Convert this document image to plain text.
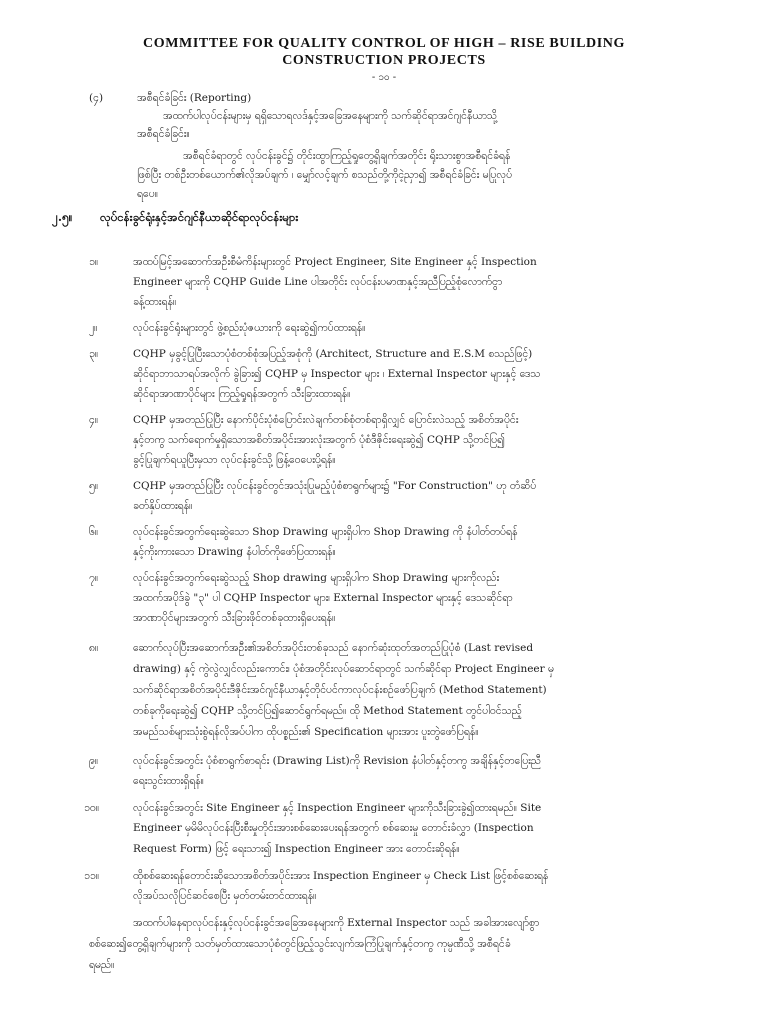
COMMITTEE FOR QUALITY CONTROL OF HIGH – RISE BUILDING
CONSTRUCTION PROJECTS
- ၁၀ -
(၄)	အစီရင်ခံခြင်း (Reporting)
အထက်ပါလုပ်ငန်းများမှ ရရှိသောရလဒ်နှင့်အခြေအနေများကို သက်ဆိုင်ရာအင်ဂျင်နီယာသို့
အစီရင်ခံခြင်း။
အစီရင်ခံရာတွင် လုပ်ငန်းခွင်၌ တိုင်းထွာကြည့်ရှုတွေ့ရှိချက်အတိုင်း ရိုးသားစွာအစီရင်ခံရန်
ဖြစ်ပြီး တစ်ဦးတစ်ယောက်၏လိုအပ်ချက် ၊ မျှော်လင့်ချက် စသည်တို့ကိုငဲ့ညှာ၍ အစီရင်ခံခြင်း မပြုလုပ်
ရပေ။
၂.၅။ လုပ်ငန်းခွင်ရုံးနှင့်အင်ဂျင်နီယာဆိုင်ရာလုပ်ငန်းများ
၁။	အထပ်မြင့်အဆောက်အဦးစီမံကိန်းများတွင် Project Engineer, Site Engineer နှင့် Inspection
Engineer များကို CQHP Guide Line ပါအတိုင်း လုပ်ငန်းပမာဏနှင့်အညီပြည့်စုံလောက်ငွာ
ခန့်ထားရန်။
၂။	လုပ်ငန်းခွင်ရုံးများတွင် ဖွဲ့စည်းပုံဇယားကို ရေးဆွဲ၍ကပ်ထားရန်။
၃။	CQHP မှခွင့်ပြုပြီးသောပုံစံတစ်စုံအပြည့်အစုံကို (Architect, Structure and E.S.M စသည်ဖြင့်)
ဆိုင်ရာဘာသာရပ်အလိုက် ခွဲခြား၍ CQHP မှ Inspector များ ၊ External Inspector များနှင့် ဒေသ
ဆိုင်ရာအာဏာပိုင်များ ကြည့်ရှုရန်အတွက် သီးခြားထားရန်။
၄။	CQHP မှအတည်ပြုပြီး နောက်ပိုင်းပုံစံပြောင်းလဲချက်တစ်စုံတစ်ရာရှိလျှင် ပြောင်းလဲသည့် အစိတ်အပိုင်း
နှင့်တကွ သက်ရောက်မှုရှိသောအစိတ်အပိုင်းအားလုံးအတွက် ပုံစံဒီဇိုင်းရေးဆွဲ၍ CQHP သို့တင်ပြ၍
ခွင့်ပြုချက်ရယူပြီးမှသာ လုပ်ငန်းခွင်သို့ ဖြန့်ဝေပေးပို့ရန်။
၅။	CQHP မှအတည်ပြုပြီး လုပ်ငန်းခွင်တွင်အသုံးပြုမည့်ပုံစံစာရွက်များ၌ "For Construction" ဟု တံဆိပ်
ခတ်နှိပ်ထားရန်။
၆။	လုပ်ငန်းခွင်အတွက်ရေးဆွဲသော Shop Drawing များရှိပါက Shop Drawing ကို နံပါတ်တပ်ရန်
နှင့်ကိုးကားသော Drawing နံပါတ်ကိုဖော်ပြထားရန်။
၇။	လုပ်ငန်းခွင်အတွက်ရေးဆွဲသည့် Shop drawing များရှိပါက Shop Drawing များကိုလည်း
အထက်အပိုဒ်ခွဲ "၃" ပါ CQHP Inspector များ၊ External Inspector များနှင့် ဒေသဆိုင်ရာ
အာဏာပိုင်များအတွက် သီးခြားဖိုင်တစ်ခုထားရှိပေးရန်။
၈။	ဆောက်လုပ်ပြီးအဆောက်အဦး၏အစိတ်အပိုင်းတစ်ခုသည် နောက်ဆုံးထုတ်အတည်ပြုပုံစံ (Last revised
drawing) နှင့် ကွဲလွဲလျှင်လည်းကောင်း၊ ပုံစံအတိုင်းလုပ်ဆောင်ရာတွင် သက်ဆိုင်ရာ Project Engineer မှ
သက်ဆိုင်ရာအစိတ်အပိုင်းဒီဇိုင်းအင်ဂျင်နီယာနှင့်တိုင်ပင်ကာလုပ်ငန်းစဉ်ဖော်ပြချက် (Method Statement)
တစ်ခုကိုရေးဆွဲ၍ CQHP သို့တင်ပြ၍ဆောင်ရွက်ရမည်။ ထို Method Statement တွင်ပါဝင်သည့်
အမည်သစ်များသုံးစွဲရန်လိုအပ်ပါက ထိုပစ္စည်း၏ Specification များအား ပူးတွဲဖော်ပြရန်။
၉။	လုပ်ငန်းခွင်အတွင်း ပုံစံစာရွက်စာရင်း (Drawing List)ကို Revision နံပါတ်နှင့်တကွ အချိန်နှင့်တပြေးညီ
ရေးသွင်းထားရှိရန်။
၁၀။	လုပ်ငန်းခွင်အတွင်း Site Engineer နှင့် Inspection Engineer များကိုသီးခြားခွဲ၍ထားရမည်။ Site
Engineer မှမိမိလုပ်ငန်းပြီးစီးမှုတိုင်းအားစစ်ဆေးပေးရန်အတွက် စစ်ဆေးမှု တောင်းခံလွှာ (Inspection
Request Form) ဖြင့် ရေးသား၍ Inspection Engineer အား တောင်းဆိုရန်။
၁၁။	ထိုစစ်ဆေးရန်တောင်းဆိုသောအစိတ်အပိုင်းအား Inspection Engineer မှ Check List ဖြင့်စစ်ဆေးရန်
လိုအပ်သလိုပြင်ဆင်စေပြီး မှတ်တမ်းတင်ထားရန်။
အထက်ပါနေရာလုပ်ငန်းနှင့်လုပ်ငန်းခွင်အခြေအနေများကို External Inspector သည် အခါအားလျော်စွာ
စစ်ဆေး၍တွေ့ရှိချက်များကို သတ်မှတ်ထားသောပုံစံတွင်ဖြည့်သွင်းလျက်အကြံပြုချက်နှင့်တကွ ကုမ္ပဏီသို့ အစီရင်ခံ
ရမည်။
